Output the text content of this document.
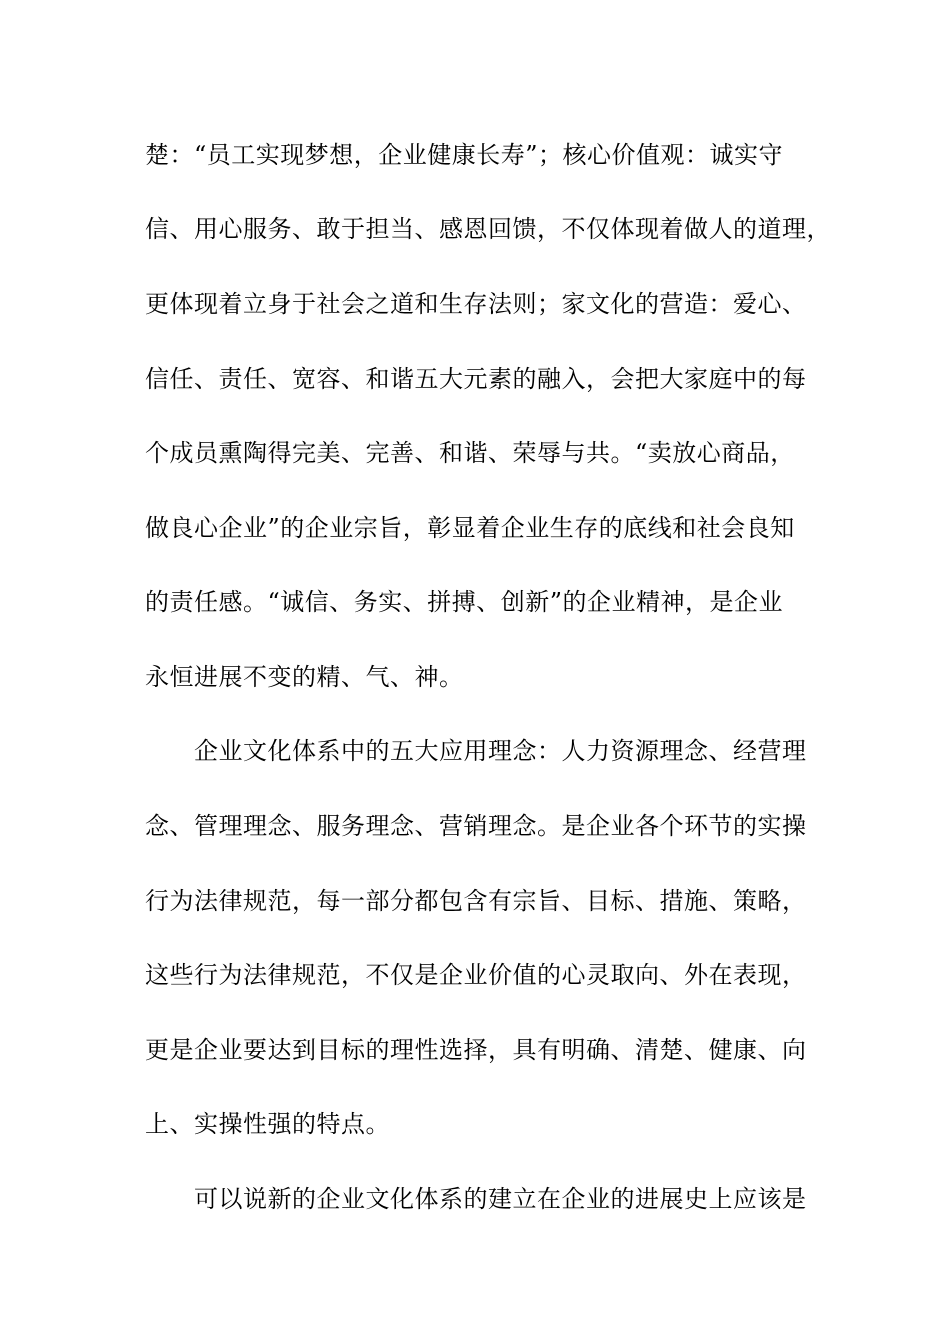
楚：“员工实现梦想，企业健康长寿”；核心价值观：诚实守
信、用心服务、敢于担当、感恩回馈，不仅体现着做人的道理，
更体现着立身于社会之道和生存法则；家文化的营造：爱心、
信任、责任、宽容、和谐五大元素的融入，会把大家庭中的每
个成员熏陶得完美、完善、和谐、荣辱与共。“卖放心商品，
做良心企业”的企业宗旨，彰显着企业生存的底线和社会良知
的责任感。“诚信、务实、拼搏、创新”的企业精神，是企业
永恒进展不变的精、气、神。
企业文化体系中的五大应用理念：人力资源理念、经营理
念、管理理念、服务理念、营销理念。是企业各个环节的实操
行为法律规范，每一部分都包含有宗旨、目标、措施、策略，
这些行为法律规范，不仅是企业价值的心灵取向、外在表现，
更是企业要达到目标的理性选择，具有明确、清楚、健康、向
上、实操性强的特点。
可以说新的企业文化体系的建立在企业的进展史上应该是
